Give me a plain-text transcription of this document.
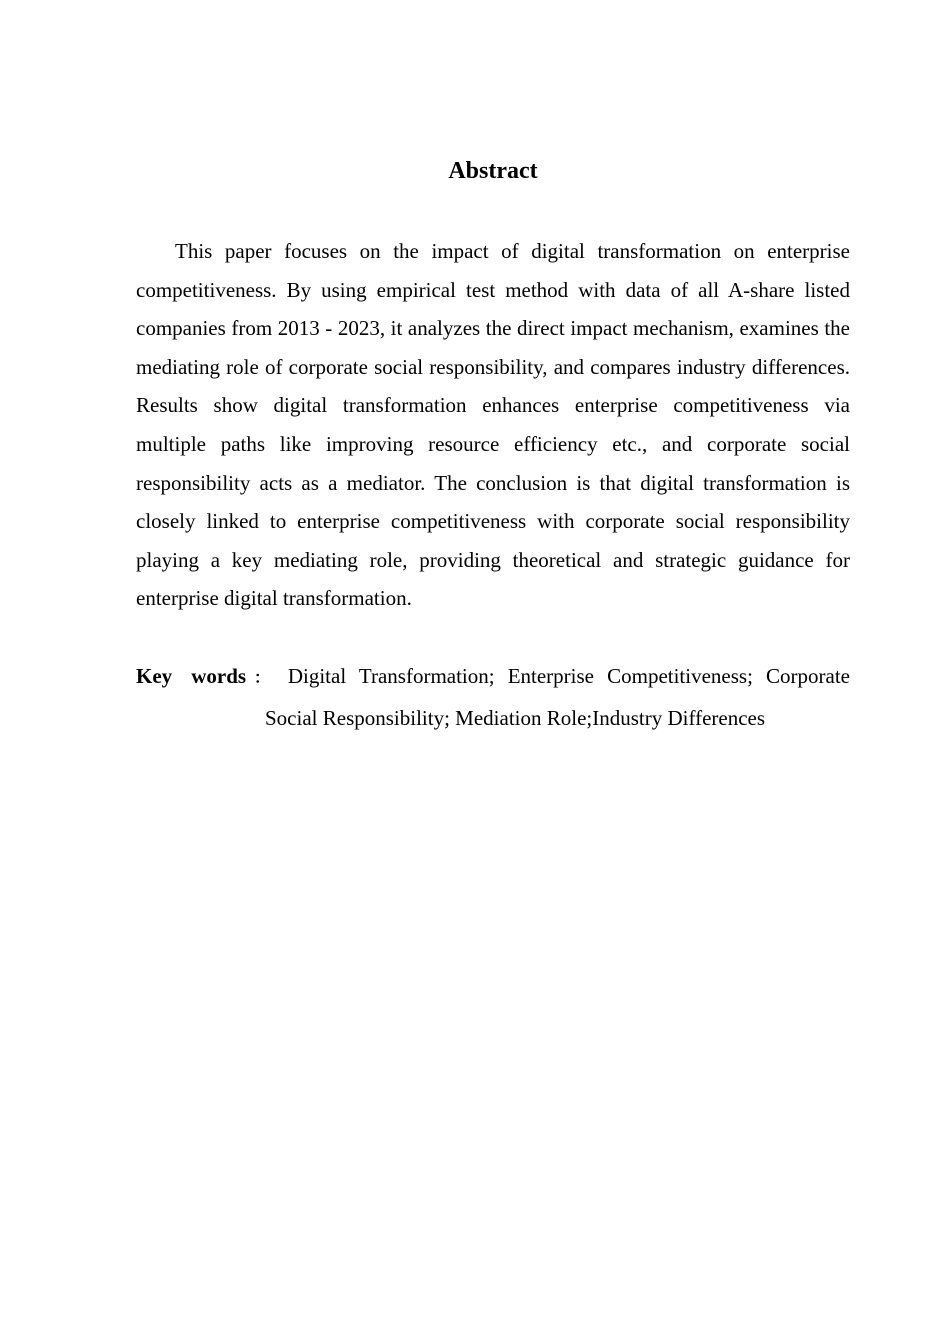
Abstract

This paper focuses on the impact of digital transformation on enterprise competitiveness. By using empirical test method with data of all A-share listed companies from 2013 - 2023, it analyzes the direct impact mechanism, examines the mediating role of corporate social responsibility, and compares industry differences. Results show digital transformation enhances enterprise competitiveness via multiple paths like improving resource efficiency etc., and corporate social responsibility acts as a mediator. The conclusion is that digital transformation is closely linked to enterprise competitiveness with corporate social responsibility playing a key mediating role, providing theoretical and strategic guidance for enterprise digital transformation.

Key words： Digital Transformation; Enterprise Competitiveness; Corporate Social Responsibility; Mediation Role;Industry Differences
